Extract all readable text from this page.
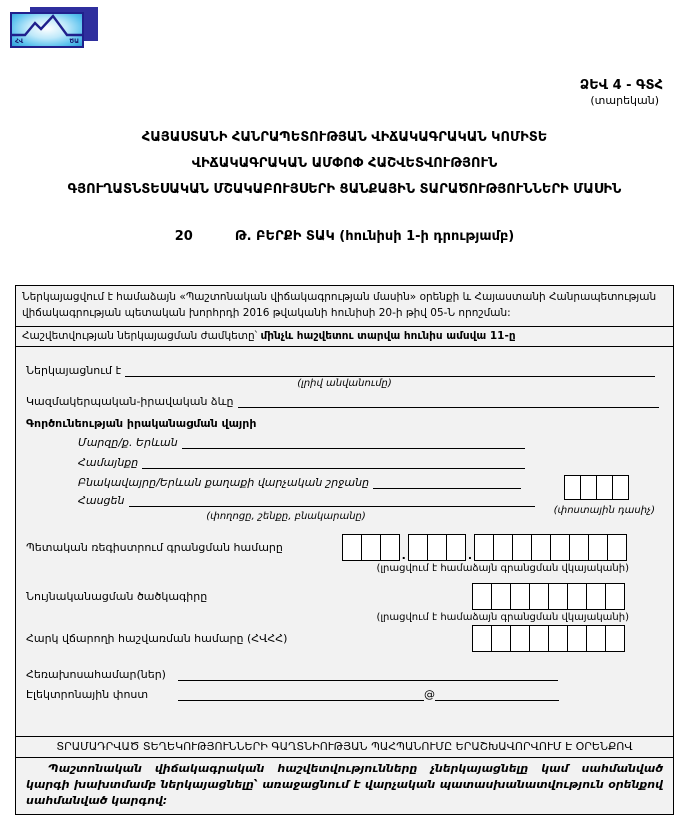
ՀՎ	ԾԱ
ՁԵՎ 4 - ԳՏՀ
(տարեկան)
ՀԱՅԱՍՏԱՆԻ ՀԱՆՐԱՊԵՏՈՒԹՅԱՆ ՎԻՃԱԿԱԳՐԱԿԱՆ ԿՈՄԻՏԵ
ՎԻՃԱԿԱԳՐԱԿԱՆ ԱՄՓՈՓ ՀԱՇՎԵՏՎՈՒԹՅՈՒՆ
ԳՅՈՒՂԱՏՆՏԵՍԱԿԱՆ ՄՇԱԿԱԲՈՒՅՍԵՐԻ ՑԱՆՔԱՅԻՆ ՏԱՐԱԾՈՒԹՅՈՒՆՆԵՐԻ ՄԱՍԻՆ
20	Թ. ԲԵՐՔԻ ՏԱԿ (հունիսի 1-ի դրությամբ)
Ներկայացվում է համաձայն «Պաշտոնական վիճակագրության մասին» օրենքի և Հայաստանի Հանրապետության վիճակագրության պետական խորհրդի 2016 թվականի հունիսի 20-ի թիվ 05-Ն որոշման:
Հաշվետվության ներկայացման ժամկետը՝ մինչև հաշվետու տարվա հունիս ամսվա 11-ը
Ներկայացնում է
(լրիվ անվանումը)
Կազմակերպական-իրավական ձևը
Գործունեության իրականացման վայրի
Մարզը/ք. Երևան
Համայնքը
Բնակավայրը/Երևան քաղաքի վարչական շրջանը
Հասցեն
(փոստային դասիչ)
(փողոցը, շենքը, բնակարանը)
Պետական ռեգիստրում գրանցման համարը
.	.
(լրացվում է համաձայն գրանցման վկայականի)
Նույնականացման ծածկագիրը
(լրացվում է համաձայն գրանցման վկայականի)
Հարկ վճարողի հաշվառման համարը (ՀՎՀՀ)
Հեռախոսահամար(ներ)
Էլեկտրոնային փոստ	@
ՏՐԱՄԱԴՐՎԱԾ ՏԵՂԵԿՈՒԹՅՈՒՆՆԵՐԻ ԳԱՂՏՆԻՈՒԹՅԱՆ ՊԱՀՊԱՆՈՒՄԸ ԵՐԱՇԽԱՎՈՐՎՈՒՄ Է ՕՐԵՆՔՈՎ
Պաշտոնական վիճակագրական հաշվետվությունները չներկայացնելը կամ սահմանված կարգի խախտմամբ ներկայացնելը՝ առաջացնում է վարչական պատասխանատվություն օրենքով սահմանված կարգով:
